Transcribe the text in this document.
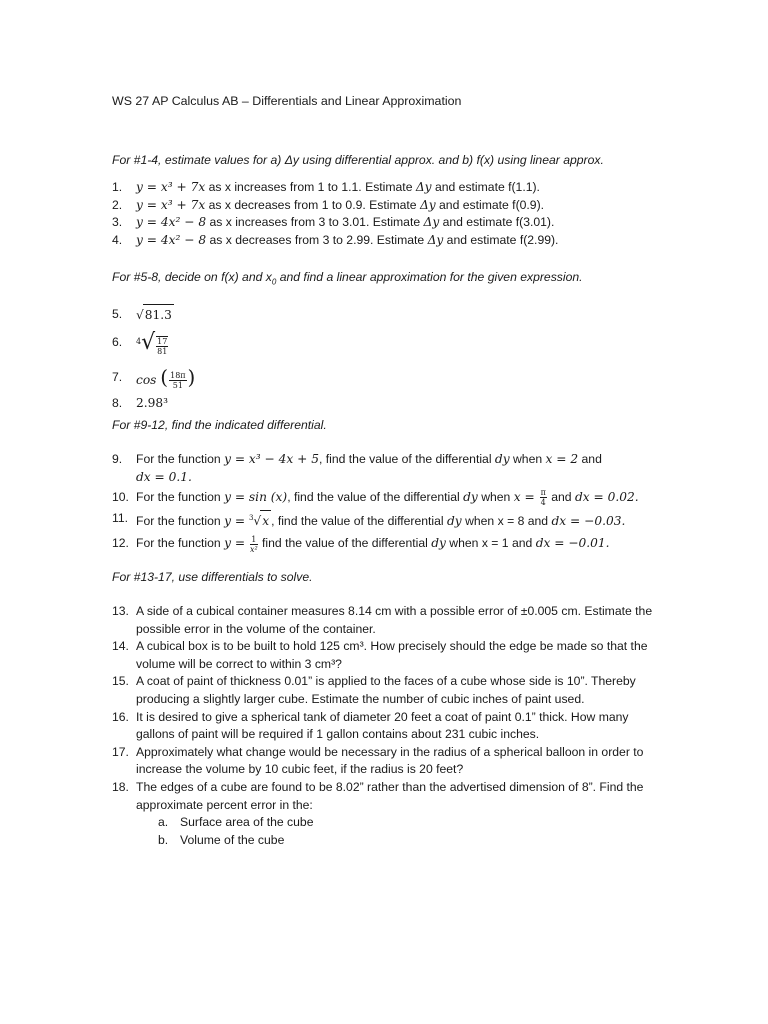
WS 27 AP Calculus AB – Differentials and Linear Approximation
For #1-4, estimate values for a) Δy using differential approx. and b) f(x) using linear approx.
1.	y = x³ + 7x as x increases from 1 to 1.1. Estimate Δy and estimate f(1.1).
2.	y = x³ + 7x as x decreases from 1 to 0.9. Estimate Δy and estimate f(0.9).
3.	y = 4x² − 8 as x increases from 3 to 3.01. Estimate Δy and estimate f(3.01).
4.	y = 4x² − 8 as x decreases from 3 to 2.99. Estimate Δy and estimate f(2.99).
For #5-8, decide on f(x) and $x_0$ and find a linear approximation for the given expression.
5.	√81.3
6.	$^4√ \frac{17}{81}$
7.	cos ( $\frac{18\pi}{51}$ )
8.	2.98³
For #9-12, find the indicated differential.
9.	For the function y = x³ − 4x + 5, find the value of the differential dy when x = 2 and
dx = 0.1.
10. For the function y = sin (x), find the value of the differential dy when $x = \frac{\pi}{4}$ and dx = 0.02.
11. For the function y = $^3$√x , find the value of the differential dy when x = 8 and dx = −0.03.
12. For the function $y = \frac{1}{\text{x²}}$ find the value of the differential dy when x = 1 and dx = −0.01.
For #13-17, use differentials to solve.
13. A side of a cubical container measures 8.14 cm with a possible error of ±0.005 cm. Estimate the
possible error in the volume of the container.
14. A cubical box is to be built to hold 125 cm³. How precisely should the edge be made so that the
volume will be correct to within 3 cm³?
15. A coat of paint of thickness 0.01” is applied to the faces of a cube whose side is 10”. Thereby
producing a slightly larger cube. Estimate the number of cubic inches of paint used.
16. It is desired to give a spherical tank of diameter 20 feet a coat of paint 0.1” thick. How many
gallons of paint will be required if 1 gallon contains about 231 cubic inches.
17. Approximately what change would be necessary in the radius of a spherical balloon in order to
increase the volume by 10 cubic feet, if the radius is 20 feet?
18. The edges of a cube are found to be 8.02” rather than the advertised dimension of 8”. Find the
approximate percent error in the:
a. Surface area of the cube
b. Volume of the cube
